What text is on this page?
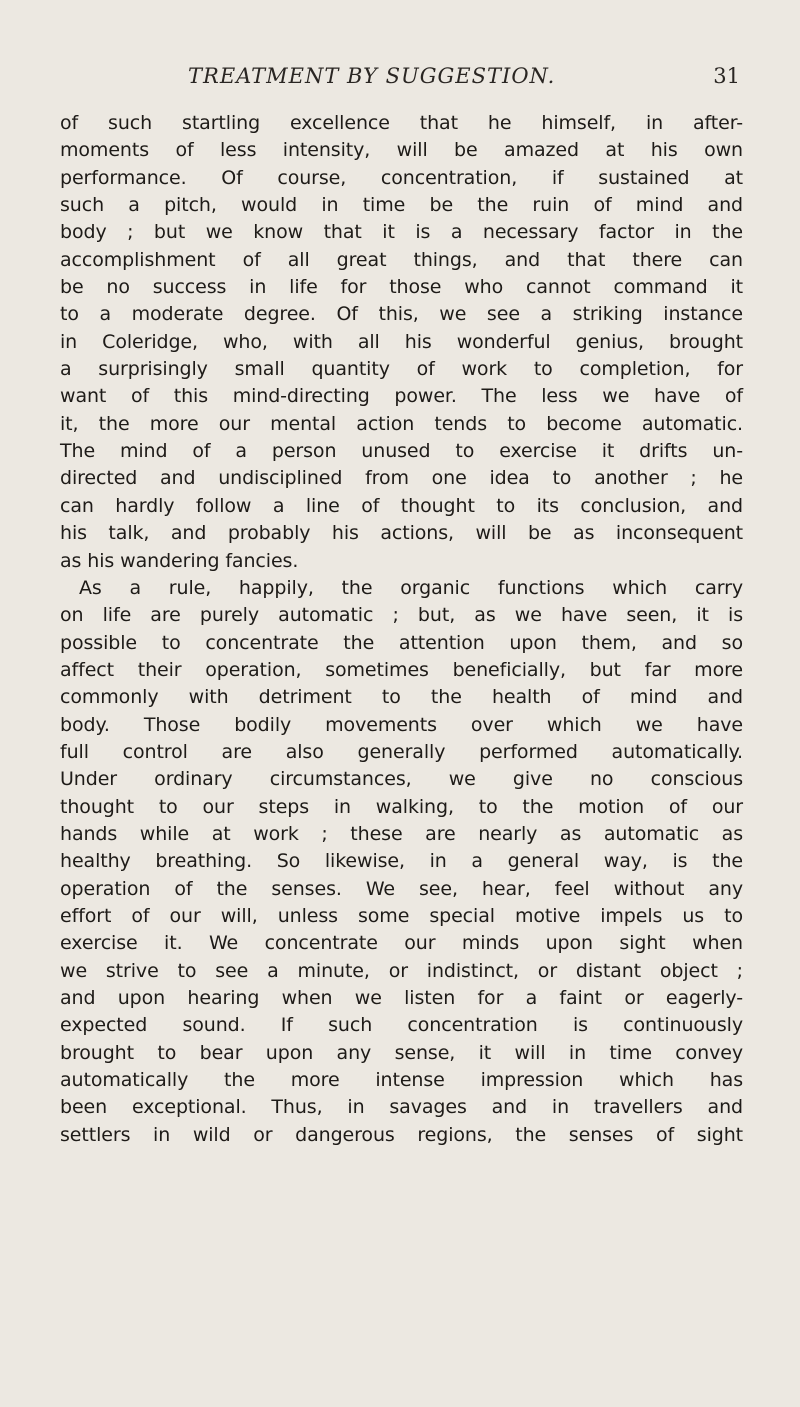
TREATMENT BY SUGGESTION.	31
of such startling excellence that he himself, in after-
moments of less intensity, will be amazed at his own
performance. Of course, concentration, if sustained at
such a pitch, would in time be the ruin of mind and
body ; but we know that it is a necessary factor in the
accomplishment of all great things, and that there can
be no success in life for those who cannot command it
to a moderate degree. Of this, we see a striking instance
in Coleridge, who, with all his wonderful genius, brought
a surprisingly small quantity of work to completion, for
want of this mind-directing power. The less we have of
it, the more our mental action tends to become automatic.
The mind of a person unused to exercise it drifts un-
directed and undisciplined from one idea to another ; he
can hardly follow a line of thought to its conclusion, and
his talk, and probably his actions, will be as inconsequent
as his wandering fancies.
As a rule, happily, the organic functions which carry
on life are purely automatic ; but, as we have seen, it is
possible to concentrate the attention upon them, and so
affect their operation, sometimes beneficially, but far more
commonly with detriment to the health of mind and
body. Those bodily movements over which we have
full control are also generally performed automatically.
Under ordinary circumstances, we give no conscious
thought to our steps in walking, to the motion of our
hands while at work ; these are nearly as automatic as
healthy breathing. So likewise, in a general way, is the
operation of the senses. We see, hear, feel without any
effort of our will, unless some special motive impels us to
exercise it. We concentrate our minds upon sight when
we strive to see a minute, or indistinct, or distant object ;
and upon hearing when we listen for a faint or eagerly-
expected sound. If such concentration is continuously
brought to bear upon any sense, it will in time convey
automatically the more intense impression which has
been exceptional. Thus, in savages and in travellers and
settlers in wild or dangerous regions, the senses of sight
